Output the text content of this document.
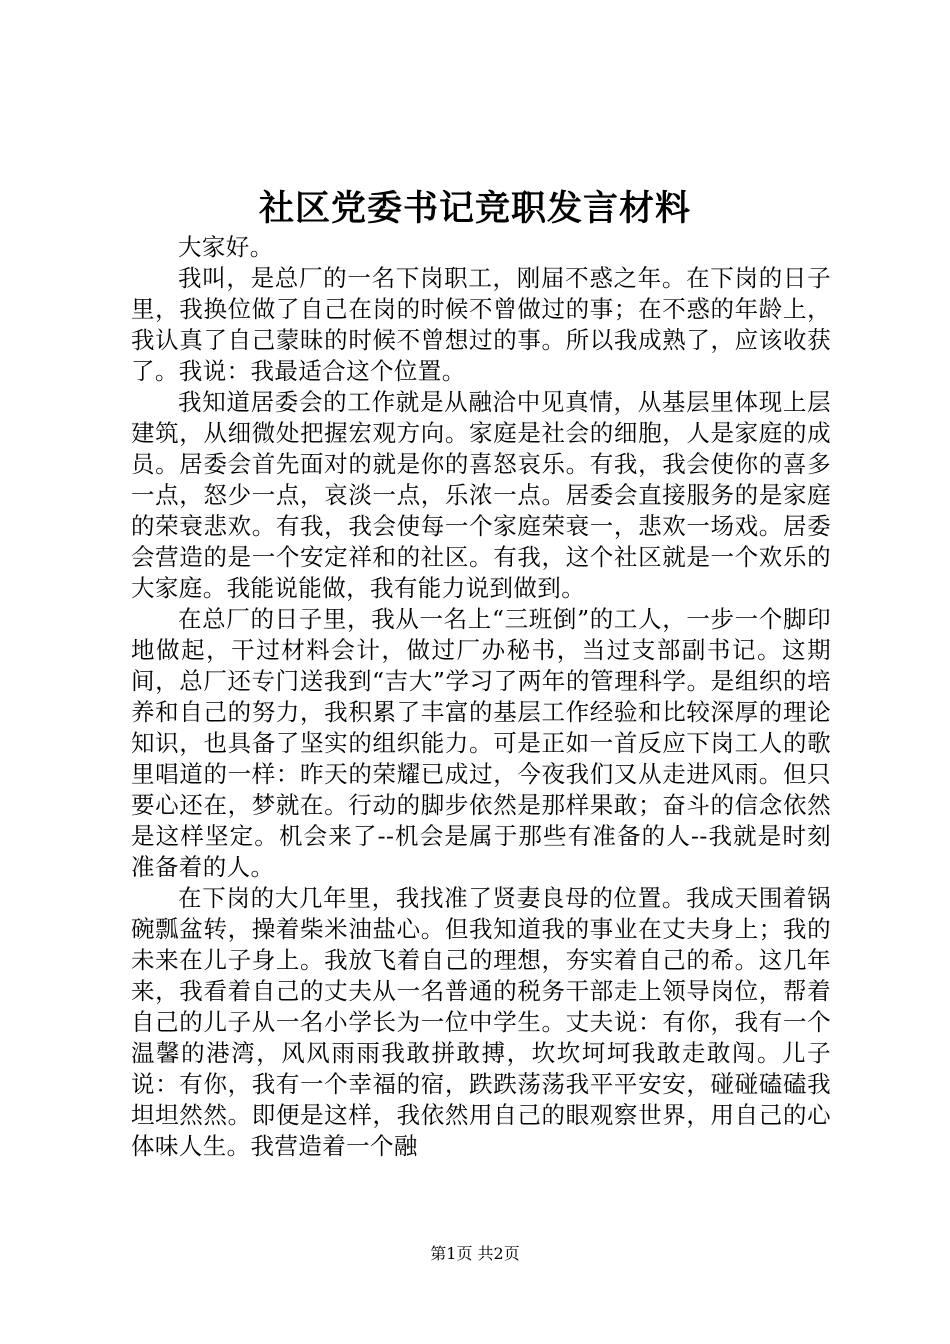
社区党委书记竞职发言材料

大家好。

我叫，是总厂的一名下岗职工，刚届不惑之年。在下岗的日子里，我换位做了自己在岗的时候不曾做过的事；在不惑的年龄上，我认真了自己蒙昧的时候不曾想过的事。所以我成熟了，应该收获了。我说：我最适合这个位置。

我知道居委会的工作就是从融洽中见真情，从基层里体现上层建筑，从细微处把握宏观方向。家庭是社会的细胞，人是家庭的成员。居委会首先面对的就是你的喜怒哀乐。有我，我会使你的喜多一点，怒少一点，哀淡一点，乐浓一点。居委会直接服务的是家庭的荣衰悲欢。有我，我会使每一个家庭荣衰一，悲欢一场戏。居委会营造的是一个安定祥和的社区。有我，这个社区就是一个欢乐的大家庭。我能说能做，我有能力说到做到。

在总厂的日子里，我从一名上“三班倒”的工人，一步一个脚印地做起，干过材料会计，做过厂办秘书，当过支部副书记。这期间，总厂还专门送我到“吉大”学习了两年的管理科学。是组织的培养和自己的努力，我积累了丰富的基层工作经验和比较深厚的理论知识，也具备了坚实的组织能力。可是正如一首反应下岗工人的歌里唱道的一样：昨天的荣耀已成过，今夜我们又从走进风雨。但只要心还在，梦就在。行动的脚步依然是那样果敢；奋斗的信念依然是这样坚定。机会来了--机会是属于那些有准备的人--我就是时刻准备着的人。

在下岗的大几年里，我找准了贤妻良母的位置。我成天围着锅碗瓢盆转，操着柴米油盐心。但我知道我的事业在丈夫身上；我的未来在儿子身上。我放飞着自己的理想，夯实着自己的希。这几年来，我看着自己的丈夫从一名普通的税务干部走上领导岗位，帮着自己的儿子从一名小学长为一位中学生。丈夫说：有你，我有一个温馨的港湾，风风雨雨我敢拼敢搏，坎坎坷坷我敢走敢闯。儿子说：有你，我有一个幸福的宿，跌跌荡荡我平平安安，碰碰磕磕我坦坦然然。即便是这样，我依然用自己的眼观察世界，用自己的心体味人生。我营造着一个融

第1页 共2页
